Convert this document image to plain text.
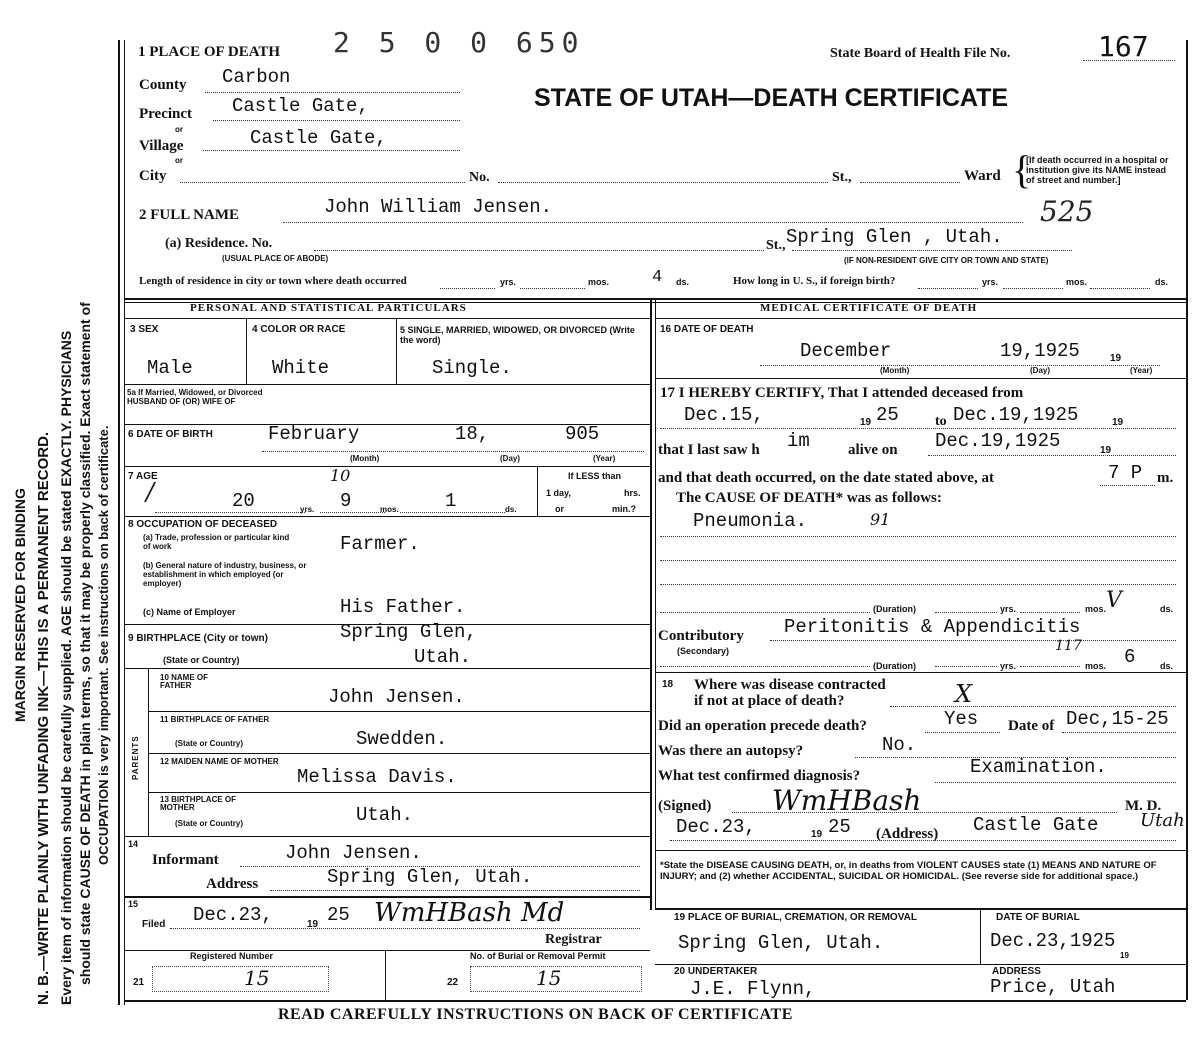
MARGIN RESERVED FOR BINDING N. B.—WRITE PLAINLY WITH UNFADING INK—THIS IS A PERMANENT RECORD. Every item of information should be carefully supplied. AGE should be stated EXACTLY. PHYSICIANS should state CAUSE OF DEATH in plain terms, so that it may be properly classified. Exact statement of OCCUPATION is very important. See instructions on back of certificate.
1 PLACE OF DEATH 2 5 0 0 650	State Board of Health File No.	167
STATE OF UTAH—DEATH CERTIFICATE
County Carbon
Precinct Castle Gate,
or
Village	Castle Gate,
or
City	No.	St.,	Ward {
[If death occurred in a hospital or institution give its NAME instead of street and number.]
525
2 FULL NAME	John William Jensen.
(a) Residence. No.
(USUAL PLACE OF ABODE)
St., Spring Glen , Utah.
(IF NON-RESIDENT GIVE CITY OR TOWN AND STATE)
Length of residence in city or town where death occurred	yrs.	mos.	4 ds.	How long in U. S., if foreign birth?	yrs.	mos.	ds.
PERSONAL AND STATISTICAL PARTICULARS
3 SEX
Male
4 COLOR OR RACE
White
5 SINGLE, MARRIED, WIDOWED, OR DIVORCED (Write the word)
Single.
5a If Married, Widowed, or Divorced HUSBAND OF (OR) WIFE OF
6 DATE OF BIRTH	February	18,	905
(Month)	(Day)	(Year)
7 AGE
/
10
20	9	1
yrs.	mos.	ds.
If LESS than
1 day,	hrs.
or	min.?
8 OCCUPATION OF DECEASED
(a) Trade, profession or particular kind of work	Farmer.
(b) General nature of industry, business, or establishment in which employed (or employer)
(c) Name of Employer	His Father.
9 BIRTHPLACE (City or town)	Spring Glen,
(State or Country)	Utah.
PARENTS
10 NAME OF FATHER
John Jensen.
11 BIRTHPLACE OF FATHER
(State or Country)	Swedden.
12 MAIDEN NAME OF MOTHER
Melissa Davis.
13 BIRTHPLACE OF MOTHER
(State or Country)	Utah.
14
Informant	John Jensen.
Address	Spring Glen, Utah.
15
Filed Dec.23,	19 25 WmHBash Md
Registrar
Registered Number	No. of Burial or Removal Permit
21	15	22	15
MEDICAL CERTIFICATE OF DEATH
16 DATE OF DEATH
December	19,1925	19
(Month)	(Day)	(Year)
17 I HEREBY CERTIFY, That I attended deceased from
Dec.15,	19 25	to Dec.19,1925	19
that I last saw h im	alive on Dec.19,1925	19
and that death occurred, on the date stated above, at	7 P m.
The CAUSE OF DEATH* was as follows:
Pneumonia.	91
(Duration)	yrs.	mos. V	ds.
Contributory
(Secondary)
Peritonitis & Appendicitis
117
(Duration)	yrs.	mos. 6	ds.
18 Where was disease contracted	X
if not at place of death?
Did an operation precede death?	Yes Date of Dec,15-25
Was there an autopsy?	No.
What test confirmed diagnosis?	Examination.
(Signed) WmHBash	M. D.
Dec.23,	19 25 (Address) Castle Gate Utah
*State the DISEASE CAUSING DEATH, or, in deaths from VIOLENT CAUSES state (1) MEANS AND NATURE OF INJURY; and (2) whether ACCIDENTAL, SUICIDAL OR HOMICIDAL. (See reverse side for additional space.)
19 PLACE OF BURIAL, CREMATION, OR REMOVAL
Spring Glen, Utah.
DATE OF BURIAL
Dec.23,1925
19
20 UNDERTAKER
J.E. Flynn,
ADDRESS
Price, Utah
READ CAREFULLY INSTRUCTIONS ON BACK OF CERTIFICATE
